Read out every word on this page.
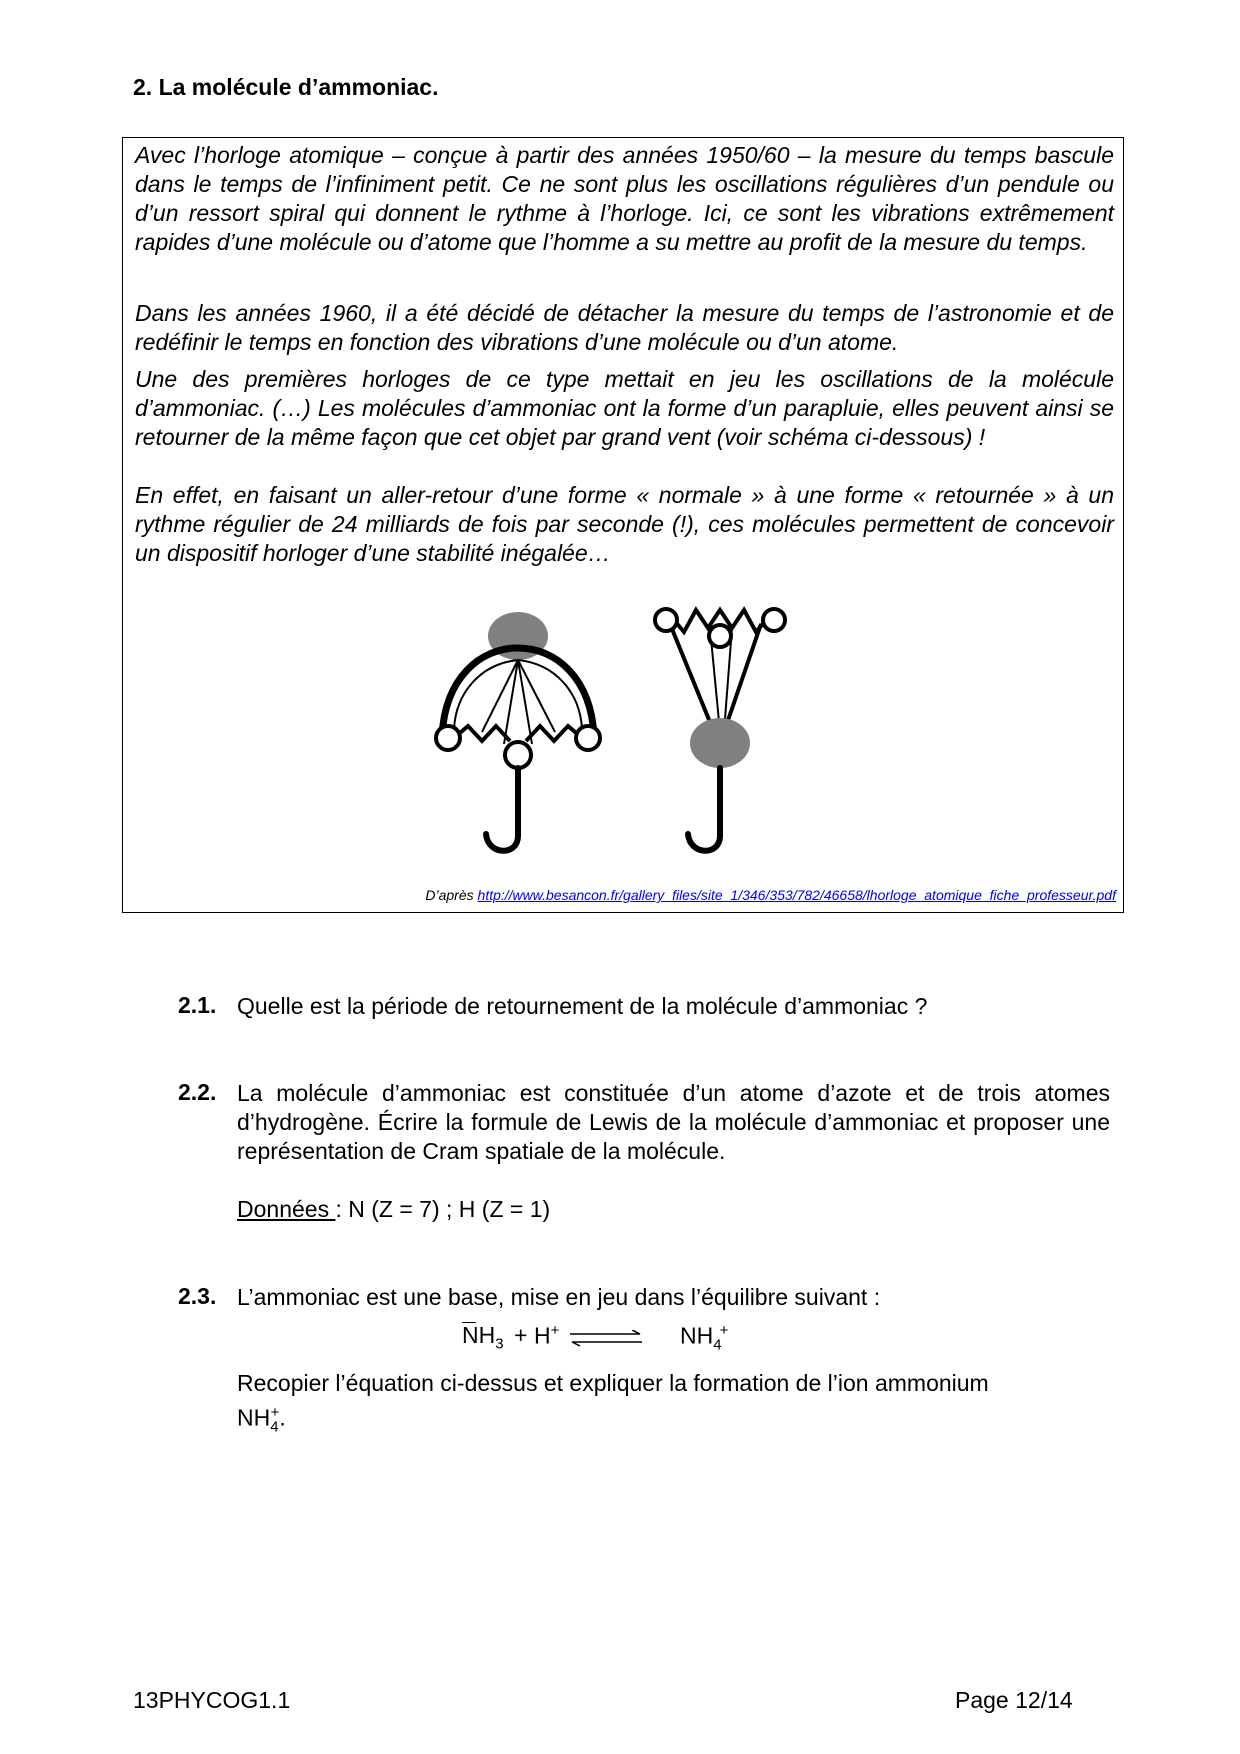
2. La molécule d’ammoniac.

Avec l’horloge atomique – conçue à partir des années 1950/60 – la mesure du temps bascule dans le temps de l’infiniment petit. Ce ne sont plus les oscillations régulières d’un pendule ou d’un ressort spiral qui donnent le rythme à l’horloge. Ici, ce sont les vibrations extrêmement rapides d’une molécule ou d’atome que l’homme a su mettre au profit de la mesure du temps.

Dans les années 1960, il a été décidé de détacher la mesure du temps de l’astronomie et de redéfinir le temps en fonction des vibrations d’une molécule ou d’un atome.

Une des premières horloges de ce type mettait en jeu les oscillations de la molécule d’ammoniac. (…) Les molécules d’ammoniac ont la forme d’un parapluie, elles peuvent ainsi se retourner de la même façon que cet objet par grand vent (voir schéma ci-dessous) !

En effet, en faisant un aller-retour d’une forme « normale » à une forme « retournée » à un rythme régulier de 24 milliards de fois par seconde (!), ces molécules permettent de concevoir un dispositif horloger d’une stabilité inégalée…

D’après http://www.besancon.fr/gallery_files/site_1/346/353/782/46658/lhorloge_atomique_fiche_professeur.pdf
2.1. Quelle est la période de retournement de la molécule d’ammoniac ?
2.2. La molécule d’ammoniac est constituée d’un atome d’azote et de trois atomes d’hydrogène. Écrire la formule de Lewis de la molécule d’ammoniac et proposer une représentation de Cram spatiale de la molécule.
Données : N (Z = 7) ; H (Z = 1)
2.3. L’ammoniac est une base, mise en jeu dans l’équilibre suivant :
$NH_3 + H^+$ ⇌ $NH_4^+$
Recopier l’équation ci-dessus et expliquer la formation de l’ion ammonium
$NH_4^+$.
13PHYCOG1.1	Page 12/14
